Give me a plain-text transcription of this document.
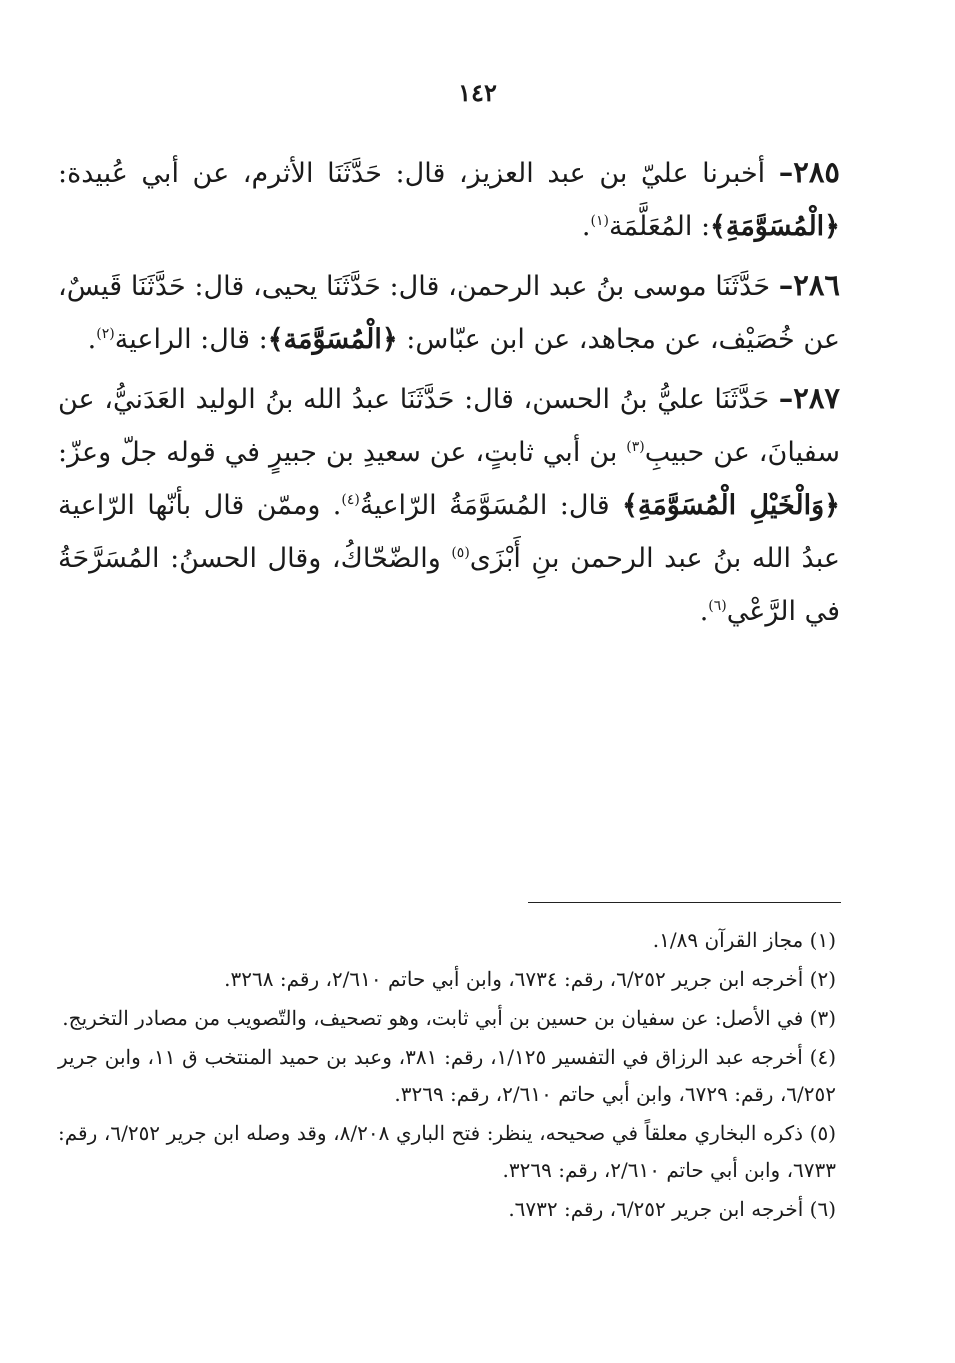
١٤٢

٢٨٥– أخبرنا عليّ بن عبد العزيز، قال: حَدَّثَنَا الأثرم، عن أبي عُبيدة: ﴿الْمُسَوَّمَةِ﴾: المُعَلَّمَة$^{(١)}$.

٢٨٦– حَدَّثَنَا موسى بنُ عبد الرحمن، قال: حَدَّثَنَا يحيى، قال: حَدَّثَنَا قَيسٌ، عن خُصَيْف، عن مجاهد، عن ابن عبّاس: ﴿الْمُسَوَّمَة﴾: قال: الراعية$^{(٢)}$.

٢٨٧– حَدَّثَنَا عليُّ بنُ الحسن، قال: حَدَّثَنَا عبدُ الله بنُ الوليد العَدَنيُّ، عن سفيانَ، عن حبيبِ$^{(٣)}$ بن أبي ثابتٍ، عن سعيدِ بن جبيرٍ في قوله جلّ وعزّ: ﴿وَالْخَيْلِ الْمُسَوَّمَةِ﴾ قال: المُسَوَّمَةُ الرّاعيةُ$^{(٤)}$. وممّن قال بأنّها الرّاعية عبدُ الله بنُ عبد الرحمن بنِ أَبْزَى$^{(٥)}$ والضّحّاكُ، وقال الحسنُ: المُسَرَّحَةُ في الرَّعْي$^{(٦)}$.

(١) مجاز القرآن ١/٨٩.

(٢) أخرجه ابن جرير ٦/٢٥٢، رقم: ٦٧٣٤، وابن أبي حاتم ٢/٦١٠، رقم: ٣٢٦٨.

(٣) في الأصل: عن سفيان بن حسين بن أبي ثابت، وهو تصحيف، والتّصويب من مصادر التخريج.

(٤) أخرجه عبد الرزاق في التفسير ١/١٢٥، رقم: ٣٨١، وعبد بن حميد المنتخب ق ١١، وابن جرير ٦/٢٥٢، رقم: ٦٧٢٩، وابن أبي حاتم ٢/٦١٠، رقم: ٣٢٦٩.

(٥) ذكره البخاري معلقاً في صحيحه، ينظر: فتح الباري ٨/٢٠٨، وقد وصله ابن جرير ٦/٢٥٢، رقم: ٦٧٣٣، وابن أبي حاتم ٢/٦١٠، رقم: ٣٢٦٩.

(٦) أخرجه ابن جرير ٦/٢٥٢، رقم: ٦٧٣٢.
